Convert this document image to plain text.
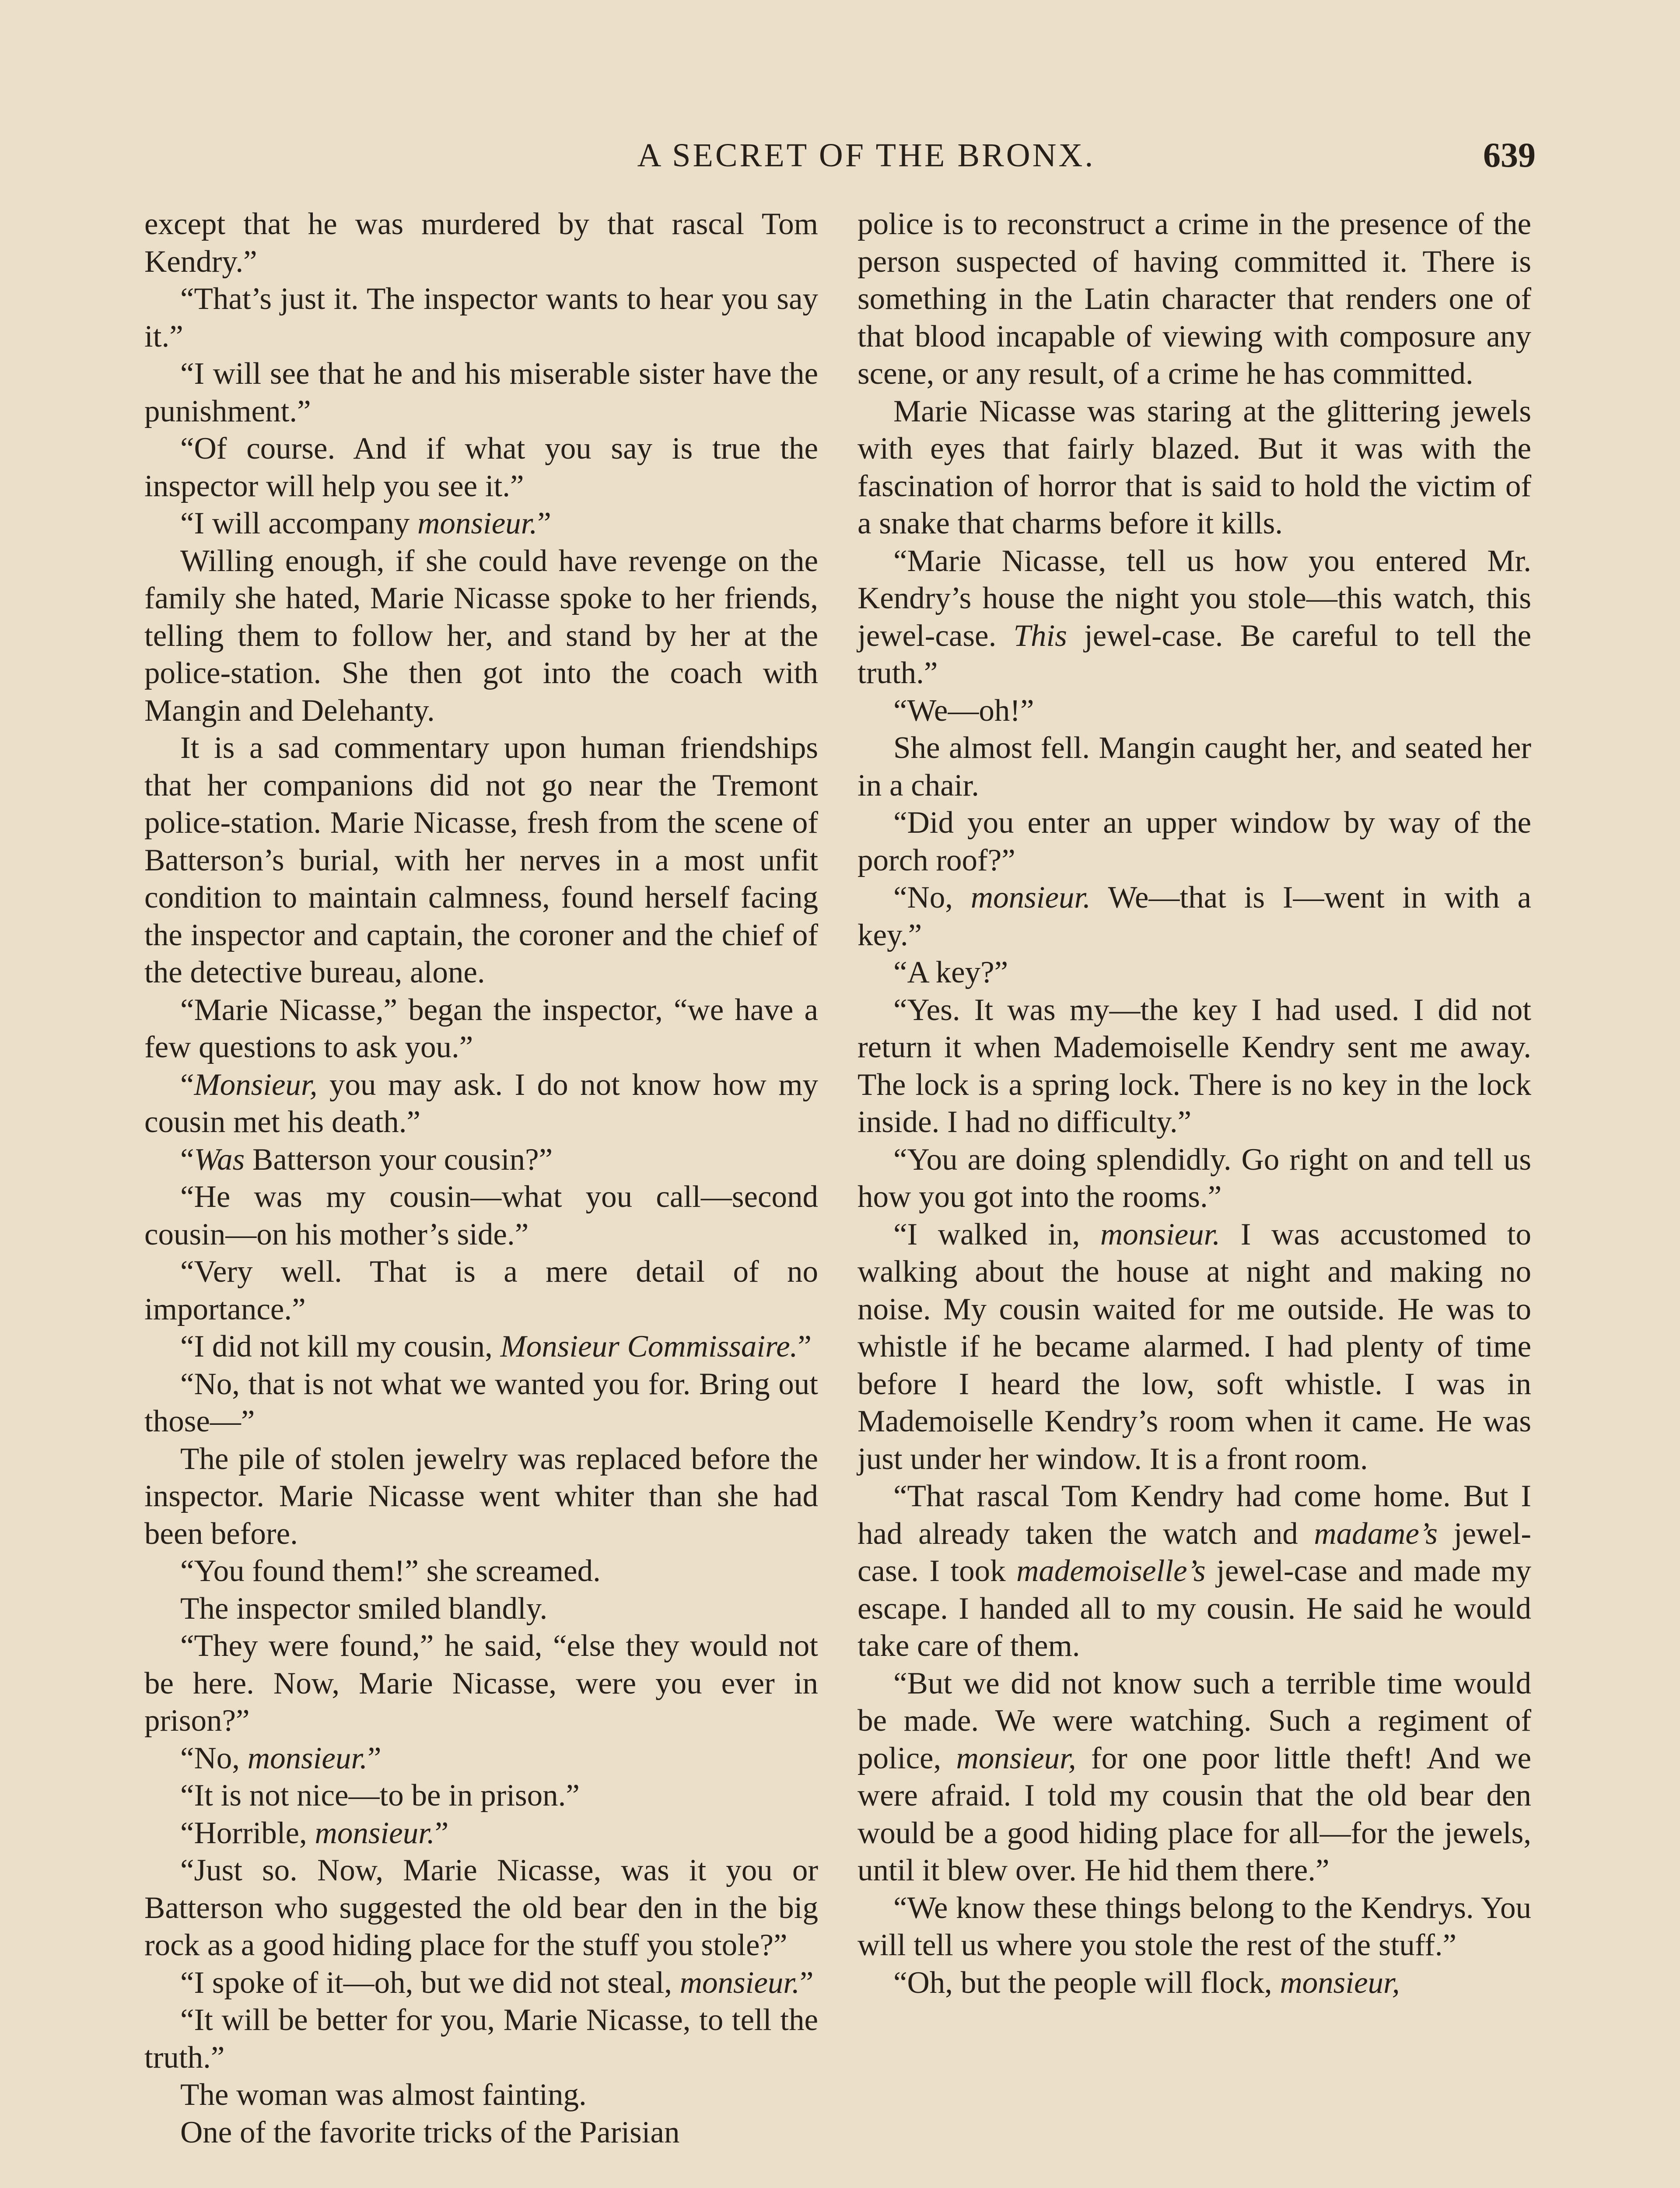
A SECRET OF THE BRONX.	639

except that he was murdered by that rascal Tom Kendry.”

“That’s just it. The inspector wants to hear you say it.”

“I will see that he and his miserable sister have the punishment.”

“Of course. And if what you say is true the inspector will help you see it.”

“I will accompany monsieur.”

Willing enough, if she could have revenge on the family she hated, Marie Nicasse spoke to her friends, telling them to follow her, and stand by her at the police-station. She then got into the coach with Mangin and Delehanty.

It is a sad commentary upon human friendships that her companions did not go near the Tremont police-station. Marie Nicasse, fresh from the scene of Batterson’s burial, with her nerves in a most unfit condition to maintain calmness, found herself facing the inspector and captain, the coroner and the chief of the detective bureau, alone.

“Marie Nicasse,” began the inspector, “we have a few questions to ask you.”

“Monsieur, you may ask. I do not know how my cousin met his death.”

“Was Batterson your cousin?”

“He was my cousin—what you call—second cousin—on his mother’s side.”

“Very well. That is a mere detail of no importance.”

“I did not kill my cousin, Monsieur Commissaire.”

“No, that is not what we wanted you for. Bring out those—”

The pile of stolen jewelry was replaced before the inspector. Marie Nicasse went whiter than she had been before.

“You found them!” she screamed.

The inspector smiled blandly.

“They were found,” he said, “else they would not be here. Now, Marie Nicasse, were you ever in prison?”

“No, monsieur.”

“It is not nice—to be in prison.”

“Horrible, monsieur.”

“Just so. Now, Marie Nicasse, was it you or Batterson who suggested the old bear den in the big rock as a good hiding place for the stuff you stole?”

“I spoke of it—oh, but we did not steal, monsieur.”

“It will be better for you, Marie Nicasse, to tell the truth.”

The woman was almost fainting.

One of the favorite tricks of the Parisian

police is to reconstruct a crime in the presence of the person suspected of having committed it. There is something in the Latin character that renders one of that blood incapable of viewing with composure any scene, or any result, of a crime he has committed.

Marie Nicasse was staring at the glittering jewels with eyes that fairly blazed. But it was with the fascination of horror that is said to hold the victim of a snake that charms before it kills.

“Marie Nicasse, tell us how you entered Mr. Kendry’s house the night you stole—this watch, this jewel-case. This jewel-case. Be careful to tell the truth.”

“We—oh!”

She almost fell. Mangin caught her, and seated her in a chair.

“Did you enter an upper window by way of the porch roof?”

“No, monsieur. We—that is I—went in with a key.”

“A key?”

“Yes. It was my—the key I had used. I did not return it when Mademoiselle Kendry sent me away. The lock is a spring lock. There is no key in the lock inside. I had no difficulty.”

“You are doing splendidly. Go right on and tell us how you got into the rooms.”

“I walked in, monsieur. I was accustomed to walking about the house at night and making no noise. My cousin waited for me outside. He was to whistle if he became alarmed. I had plenty of time before I heard the low, soft whistle. I was in Mademoiselle Kendry’s room when it came. He was just under her window. It is a front room.

“That rascal Tom Kendry had come home. But I had already taken the watch and madame’s jewel-case. I took mademoiselle’s jewel-case and made my escape. I handed all to my cousin. He said he would take care of them.

“But we did not know such a terrible time would be made. We were watching. Such a regiment of police, monsieur, for one poor little theft! And we were afraid. I told my cousin that the old bear den would be a good hiding place for all—for the jewels, until it blew over. He hid them there.”

“We know these things belong to the Kendrys. You will tell us where you stole the rest of the stuff.”

“Oh, but the people will flock, monsieur,
